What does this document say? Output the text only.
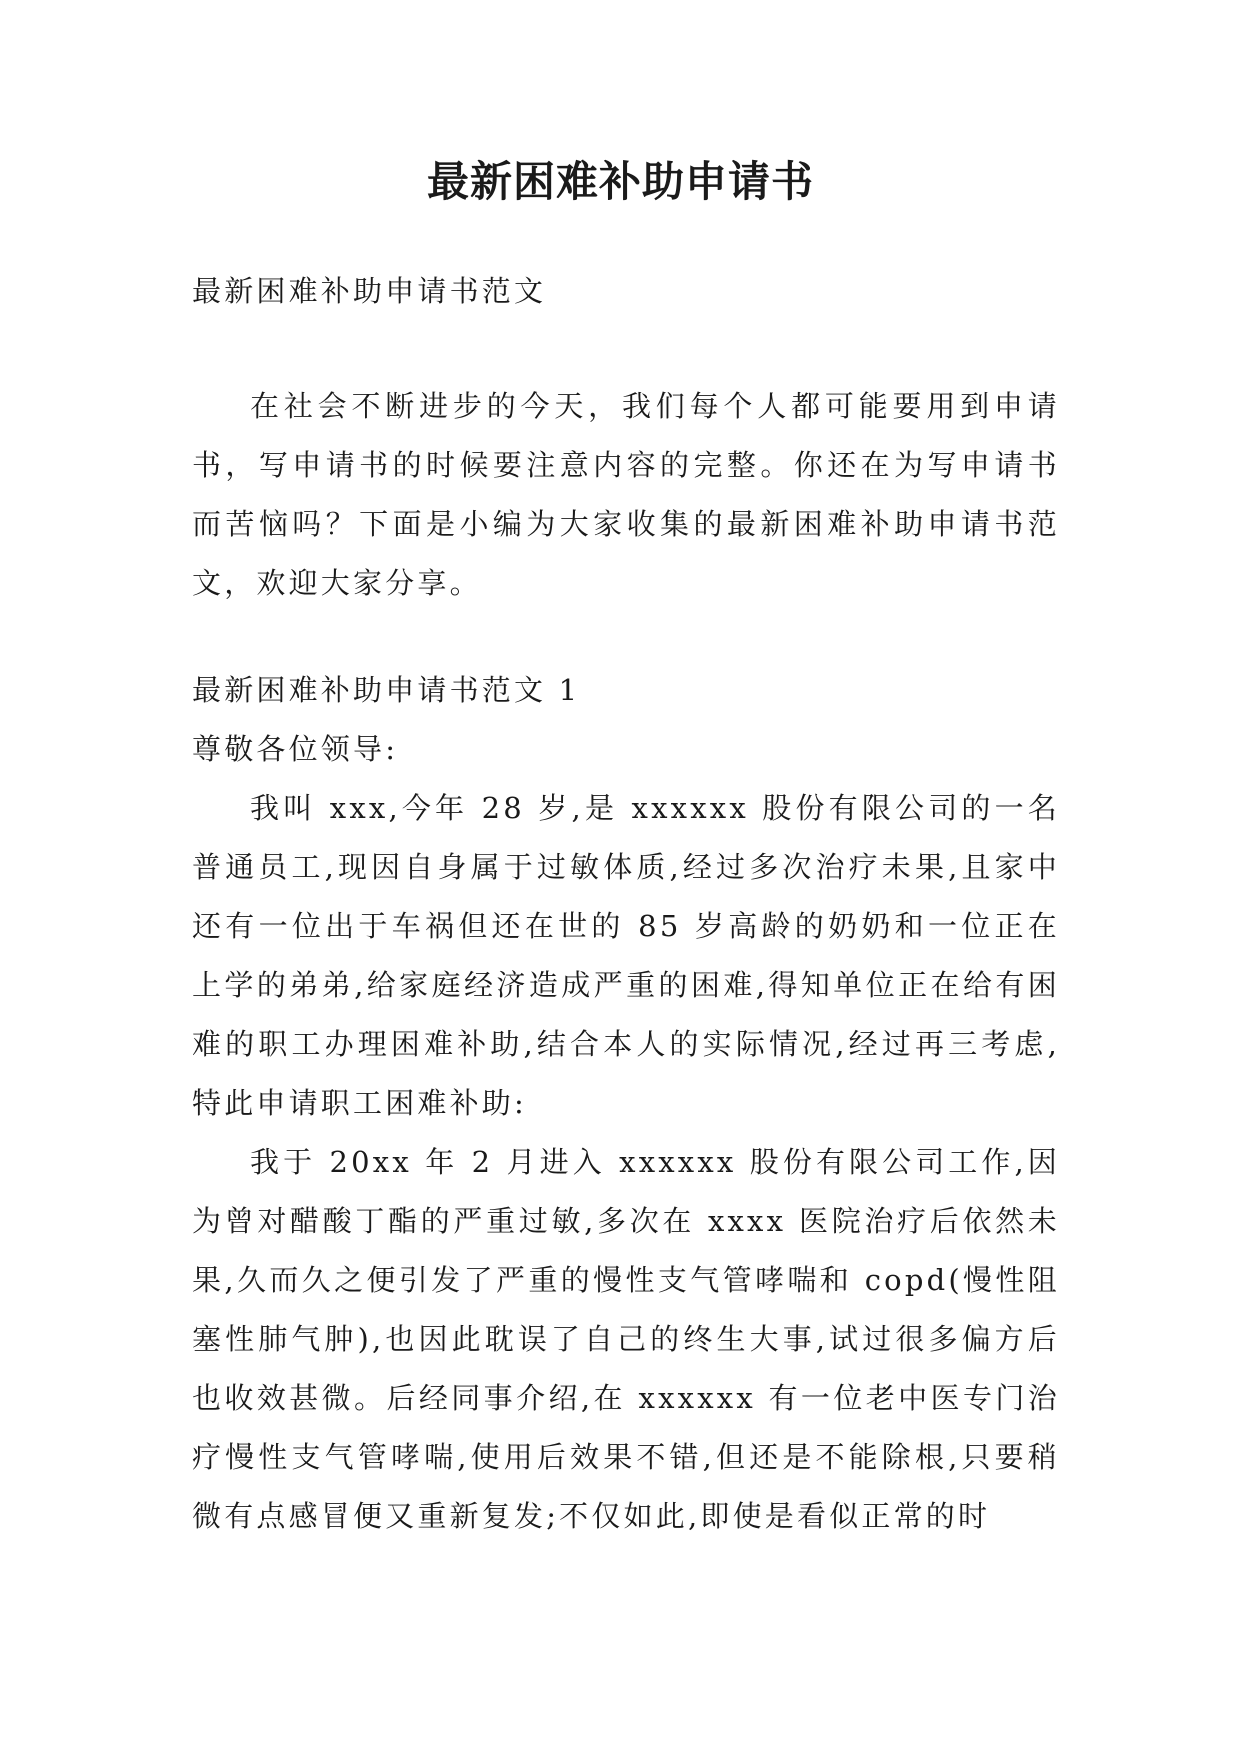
最新困难补助申请书

最新困难补助申请书范文

在社会不断进步的今天，我们每个人都可能要用到申请书，写申请书的时候要注意内容的完整。你还在为写申请书而苦恼吗？下面是小编为大家收集的最新困难补助申请书范文，欢迎大家分享。

最新困难补助申请书范文 1

尊敬各位领导:

我叫 xxx,今年 28 岁,是 xxxxxx 股份有限公司的一名普通员工,现因自身属于过敏体质,经过多次治疗未果,且家中还有一位出于车祸但还在世的 85 岁高龄的奶奶和一位正在上学的弟弟,给家庭经济造成严重的困难,得知单位正在给有困难的职工办理困难补助,结合本人的实际情况,经过再三考虑,特此申请职工困难补助:

我于 20xx 年 2 月进入 xxxxxx 股份有限公司工作,因为曾对醋酸丁酯的严重过敏,多次在 xxxx 医院治疗后依然未果,久而久之便引发了严重的慢性支气管哮喘和 copd(慢性阻塞性肺气肿),也因此耽误了自己的终生大事,试过很多偏方后也收效甚微。后经同事介绍,在 xxxxxx 有一位老中医专门治疗慢性支气管哮喘,使用后效果不错,但还是不能除根,只要稍微有点感冒便又重新复发;不仅如此,即使是看似正常的时
